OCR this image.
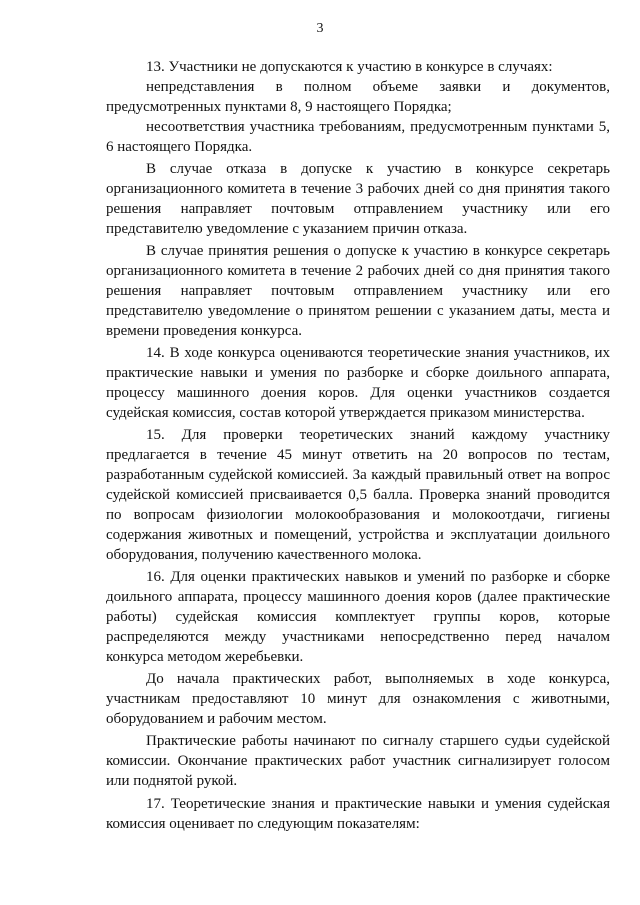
3

13. Участники не допускаются к участию в конкурсе в случаях:

непредставления в полном объеме заявки и документов, предусмотренных пунктами 8, 9 настоящего Порядка;

несоответствия участника требованиям, предусмотренным пунктами 5, 6 настоящего Порядка.

В случае отказа в допуске к участию в конкурсе секретарь организационного комитета в течение 3 рабочих дней со дня принятия такого решения направляет почтовым отправлением участнику или его представителю уведомление с указанием причин отказа.

В случае принятия решения о допуске к участию в конкурсе секретарь организационного комитета в течение 2 рабочих дней со дня принятия такого решения направляет почтовым отправлением участнику или его представителю уведомление о принятом решении с указанием даты, места и времени проведения конкурса.

14. В ходе конкурса оцениваются теоретические знания участников, их практические навыки и умения по разборке и сборке доильного аппарата, процессу машинного доения коров. Для оценки участников создается судейская комиссия, состав которой утверждается приказом министерства.

15. Для проверки теоретических знаний каждому участнику предлагается в течение 45 минут ответить на 20 вопросов по тестам, разработанным судейской комиссией. За каждый правильный ответ на вопрос судейской комиссией присваивается 0,5 балла. Проверка знаний проводится по вопросам физиологии молокообразования и молокоотдачи, гигиены содержания животных и помещений, устройства и эксплуатации доильного оборудования, получению качественного молока.

16. Для оценки практических навыков и умений по разборке и сборке доильного аппарата, процессу машинного доения коров (далее практические работы) судейская комиссия комплектует группы коров, которые распределяются между участниками непосредственно перед началом конкурса методом жеребьевки.

До начала практических работ, выполняемых в ходе конкурса, участникам предоставляют 10 минут для ознакомления с животными, оборудованием и рабочим местом.

Практические работы начинают по сигналу старшего судьи судейской комиссии. Окончание практических работ участник сигнализирует голосом или поднятой рукой.

17. Теоретические знания и практические навыки и умения судейская комиссия оценивает по следующим показателям:
